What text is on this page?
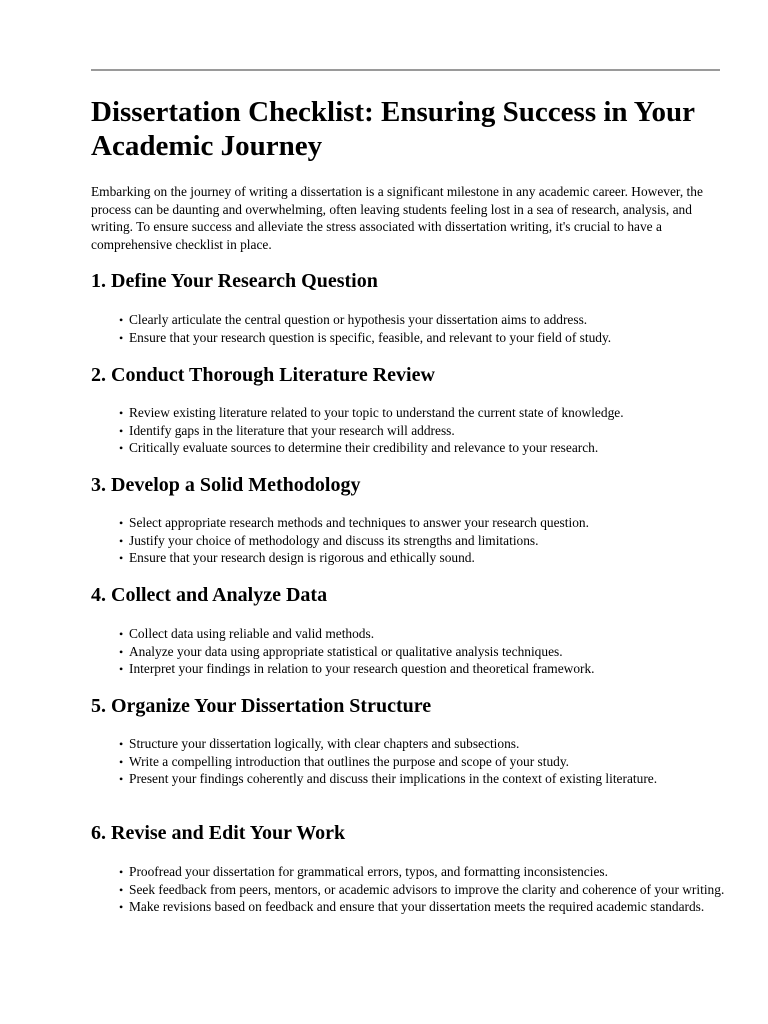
Dissertation Checklist: Ensuring Success in Your Academic Journey

Embarking on the journey of writing a dissertation is a significant milestone in any academic career. However, the process can be daunting and overwhelming, often leaving students feeling lost in a sea of research, analysis, and writing. To ensure success and alleviate the stress associated with dissertation writing, it's crucial to have a comprehensive checklist in place.

1. Define Your Research Question
• Clearly articulate the central question or hypothesis your dissertation aims to address.
• Ensure that your research question is specific, feasible, and relevant to your field of study.
2. Conduct Thorough Literature Review
• Review existing literature related to your topic to understand the current state of knowledge.
• Identify gaps in the literature that your research will address.
• Critically evaluate sources to determine their credibility and relevance to your research.
3. Develop a Solid Methodology
• Select appropriate research methods and techniques to answer your research question.
• Justify your choice of methodology and discuss its strengths and limitations.
• Ensure that your research design is rigorous and ethically sound.
4. Collect and Analyze Data
• Collect data using reliable and valid methods.
• Analyze your data using appropriate statistical or qualitative analysis techniques.
• Interpret your findings in relation to your research question and theoretical framework.
5. Organize Your Dissertation Structure
• Structure your dissertation logically, with clear chapters and subsections.
• Write a compelling introduction that outlines the purpose and scope of your study.
• Present your findings coherently and discuss their implications in the context of existing literature.
6. Revise and Edit Your Work
• Proofread your dissertation for grammatical errors, typos, and formatting inconsistencies.
• Seek feedback from peers, mentors, or academic advisors to improve the clarity and coherence of your writing.
• Make revisions based on feedback and ensure that your dissertation meets the required academic standards.
